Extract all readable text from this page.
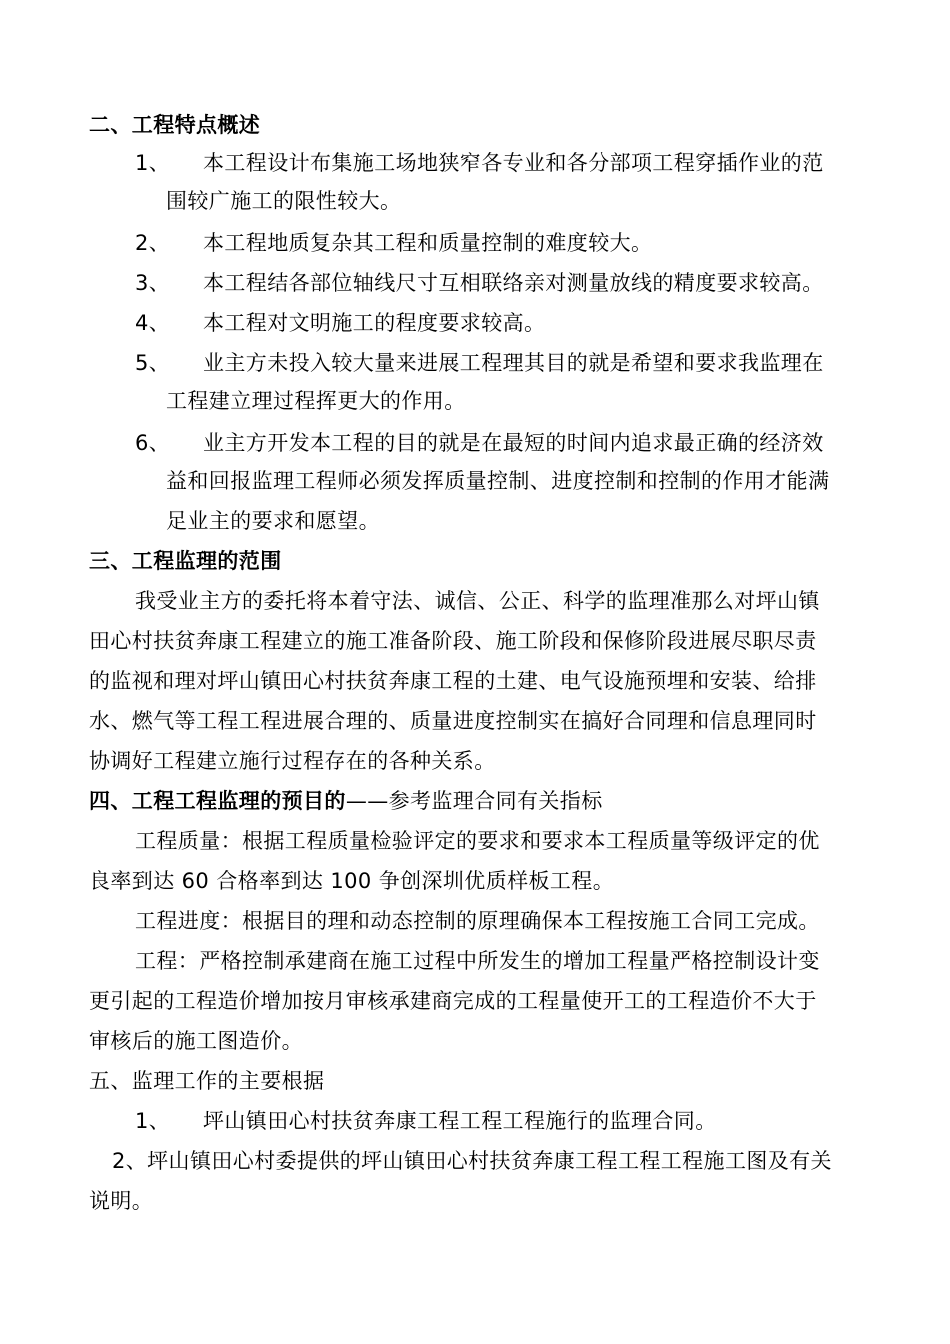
二、工程特点概述
1、 本工程设计布集施工场地狭窄各专业和各分部项工程穿插作业的范
围较广施工的限性较大。
2、 本工程地质复杂其工程和质量控制的难度较大。
3、 本工程结各部位轴线尺寸互相联络亲对测量放线的精度要求较高。
4、 本工程对文明施工的程度要求较高。
5、 业主方未投入较大量来进展工程理其目的就是希望和要求我监理在
工程建立理过程挥更大的作用。
6、 业主方开发本工程的目的就是在最短的时间内追求最正确的经济效
益和回报监理工程师必须发挥质量控制、进度控制和控制的作用才能满
足业主的要求和愿望。
三、工程监理的范围
我受业主方的委托将本着守法、诚信、公正、科学的监理准那么对坪山镇
田心村扶贫奔康工程建立的施工准备阶段、施工阶段和保修阶段进展尽职尽责
的监视和理对坪山镇田心村扶贫奔康工程的土建、电气设施预埋和安装、给排
水、燃气等工程工程进展合理的、质量进度控制实在搞好合同理和信息理同时
协调好工程建立施行过程存在的各种关系。
四、工程工程监理的预目的——参考监理合同有关指标
工程质量：根据工程质量检验评定的要求和要求本工程质量等级评定的优
良率到达 60 合格率到达 100 争创深圳优质样板工程。
工程进度：根据目的理和动态控制的原理确保本工程按施工合同工完成。
工程：严格控制承建商在施工过程中所发生的增加工程量严格控制设计变
更引起的工程造价增加按月审核承建商完成的工程量使开工的工程造价不大于
审核后的施工图造价。
五、监理工作的主要根据
1、 坪山镇田心村扶贫奔康工程工程工程施行的监理合同。
2、坪山镇田心村委提供的坪山镇田心村扶贫奔康工程工程工程施工图及有关
说明。
